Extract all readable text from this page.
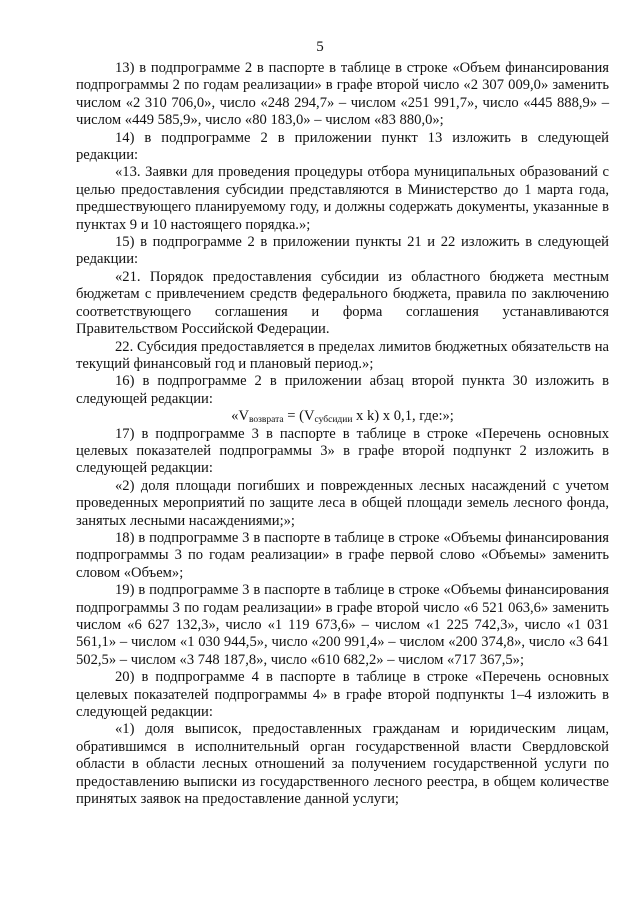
5

13) в подпрограмме 2 в паспорте в таблице в строке «Объем финансирования подпрограммы 2 по годам реализации» в графе второй число «2 307 009,0» заменить числом «2 310 706,0», число «248 294,7» – числом «251 991,7», число «445 888,9» – числом «449 585,9», число «80 183,0» – числом «83 880,0»;

14) в подпрограмме 2 в приложении пункт 13 изложить в следующей редакции:

«13. Заявки для проведения процедуры отбора муниципальных образований с целью предоставления субсидии представляются в Министерство до 1 марта года, предшествующего планируемому году, и должны содержать документы, указанные в пунктах 9 и 10 настоящего порядка.»;

15) в подпрограмме 2 в приложении пункты 21 и 22 изложить в следующей редакции:

«21. Порядок предоставления субсидии из областного бюджета местным бюджетам с привлечением средств федерального бюджета, правила по заключению соответствующего соглашения и форма соглашения устанавливаются Правительством Российской Федерации.

22. Субсидия предоставляется в пределах лимитов бюджетных обязательств на текущий финансовый год и плановый период.»;

16) в подпрограмме 2 в приложении абзац второй пункта 30 изложить в следующей редакции:

«$V_{возврата} = (V_{субсидии}$ x k) x 0,1, где:»;

17) в подпрограмме 3 в паспорте в таблице в строке «Перечень основных целевых показателей подпрограммы 3» в графе второй подпункт 2 изложить в следующей редакции:

«2) доля площади погибших и поврежденных лесных насаждений с учетом проведенных мероприятий по защите леса в общей площади земель лесного фонда, занятых лесными насаждениями;»;

18) в подпрограмме 3 в паспорте в таблице в строке «Объемы финансирования подпрограммы 3 по годам реализации» в графе первой слово «Объемы» заменить словом «Объем»;

19) в подпрограмме 3 в паспорте в таблице в строке «Объемы финансирования подпрограммы 3 по годам реализации» в графе второй число «6 521 063,6» заменить числом «6 627 132,3», число «1 119 673,6» – числом «1 225 742,3», число «1 031 561,1» – числом «1 030 944,5», число «200 991,4» – числом «200 374,8», число «3 641 502,5» – числом «3 748 187,8», число «610 682,2» – числом «717 367,5»;

20) в подпрограмме 4 в паспорте в таблице в строке «Перечень основных целевых показателей подпрограммы 4» в графе второй подпункты 1–4 изложить в следующей редакции:

«1) доля выписок, предоставленных гражданам и юридическим лицам, обратившимся в исполнительный орган государственной власти Свердловской области в области лесных отношений за получением государственной услуги по предоставлению выписки из государственного лесного реестра, в общем количестве принятых заявок на предоставление данной услуги;
